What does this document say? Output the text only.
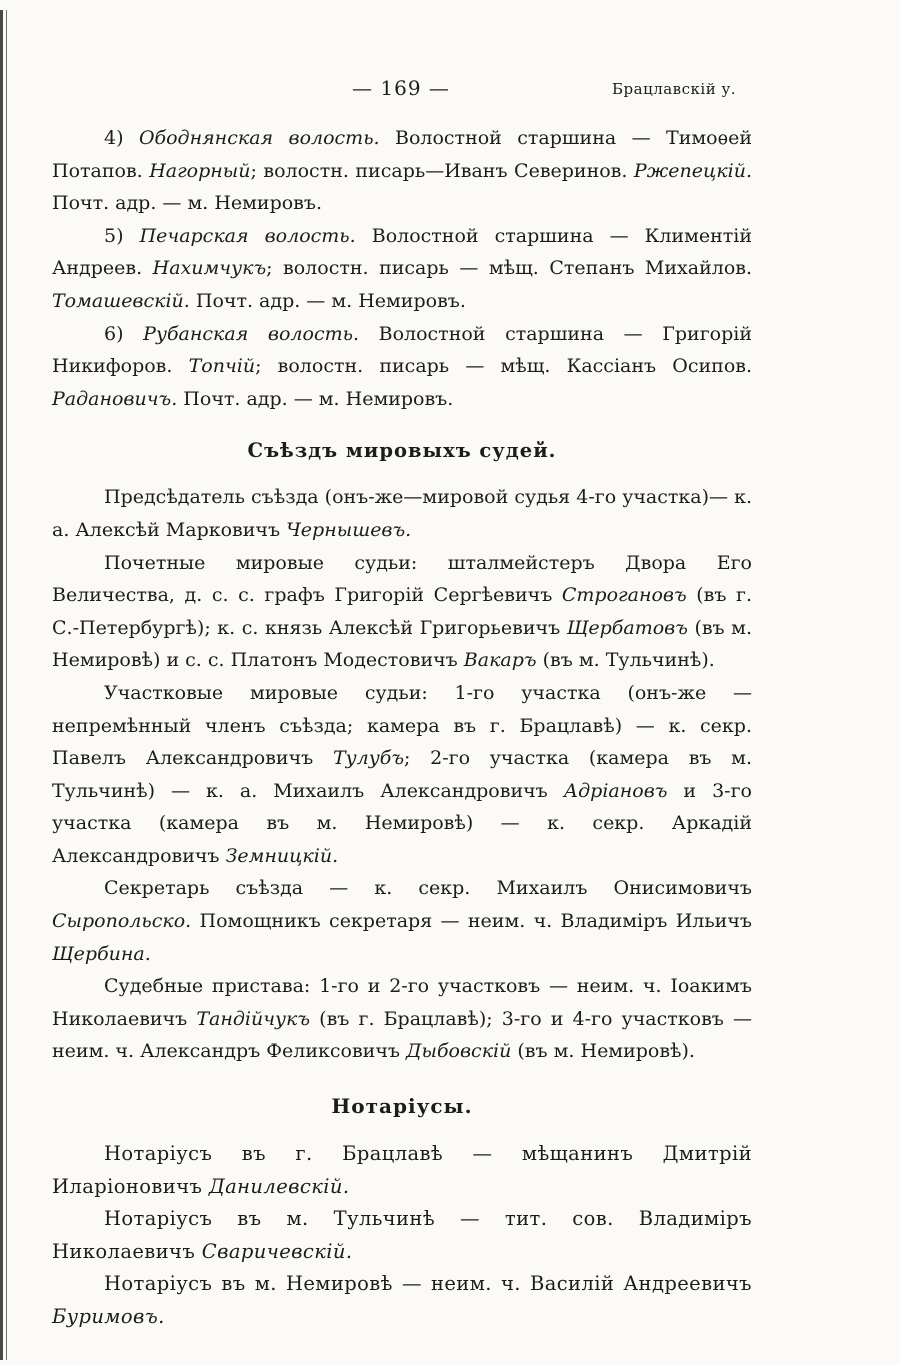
— 169 —	Брацлавскій у.

4) Ободнянская волость. Волостной старшина — Тимоѳей Потапов. Нагорный; волостн. писарь—Иванъ Северинов. Ржепецкій. Почт. адр. — м. Немировъ.

5) Печарская волость. Волостной старшина — Климентій Андреев. Нахимчукъ; волостн. писарь — мѣщ. Степанъ Михайлов. Томашевскій. Почт. адр. — м. Немировъ.

6) Рубанская волость. Волостной старшина — Григорій Никифоров. Топчій; волостн. писарь — мѣщ. Кассіанъ Осипов. Радановичъ. Почт. адр. — м. Немировъ.

Съѣздъ мировыхъ судей.

Предсѣдатель съѣзда (онъ-же—мировой судья 4-го участка)— к. а. Алексѣй Марковичъ Чернышевъ.

Почетные мировые судьи: шталмейстеръ Двора Его Величества, д. с. с. графъ Григорій Сергѣевичъ Строгановъ (въ г. С.-Петербургѣ); к. с. князь Алексѣй Григорьевичъ Щербатовъ (въ м. Немировѣ) и с. с. Платонъ Модестовичъ Вакаръ (въ м. Тульчинѣ).

Участковые мировые судьи: 1-го участка (онъ-же —непремѣнный членъ съѣзда; камера въ г. Брацлавѣ) — к. секр. Павелъ Александровичъ Тулубъ; 2-го участка (камера въ м. Тульчинѣ) — к. а. Михаилъ Александровичъ Адріановъ и 3-го участка (камера въ м. Немировѣ) — к. секр. Аркадій Александровичъ Земницкій.

Секретарь съѣзда — к. секр. Михаилъ Онисимовичъ Сыропольско. Помощникъ секретаря — неим. ч. Владиміръ Ильичъ Щербина.

Судебные пристава: 1-го и 2-го участковъ — неим. ч. Іоакимъ Николаевичъ Тандійчукъ (въ г. Брацлавѣ); 3-го и 4-го участковъ — неим. ч. Александръ Феликсовичъ Дыбовскій (въ м. Немировѣ).

Нотаріусы.

Нотаріусъ въ г. Брацлавѣ — мѣщанинъ Дмитрій Иларіоновичъ Данилевскій.

Нотаріусъ въ м. Тульчинѣ — тит. сов. Владиміръ Николаевичъ Сваричевскій.

Нотаріусъ въ м. Немировѣ — неим. ч. Василій Андреевичъ Буримовъ.
